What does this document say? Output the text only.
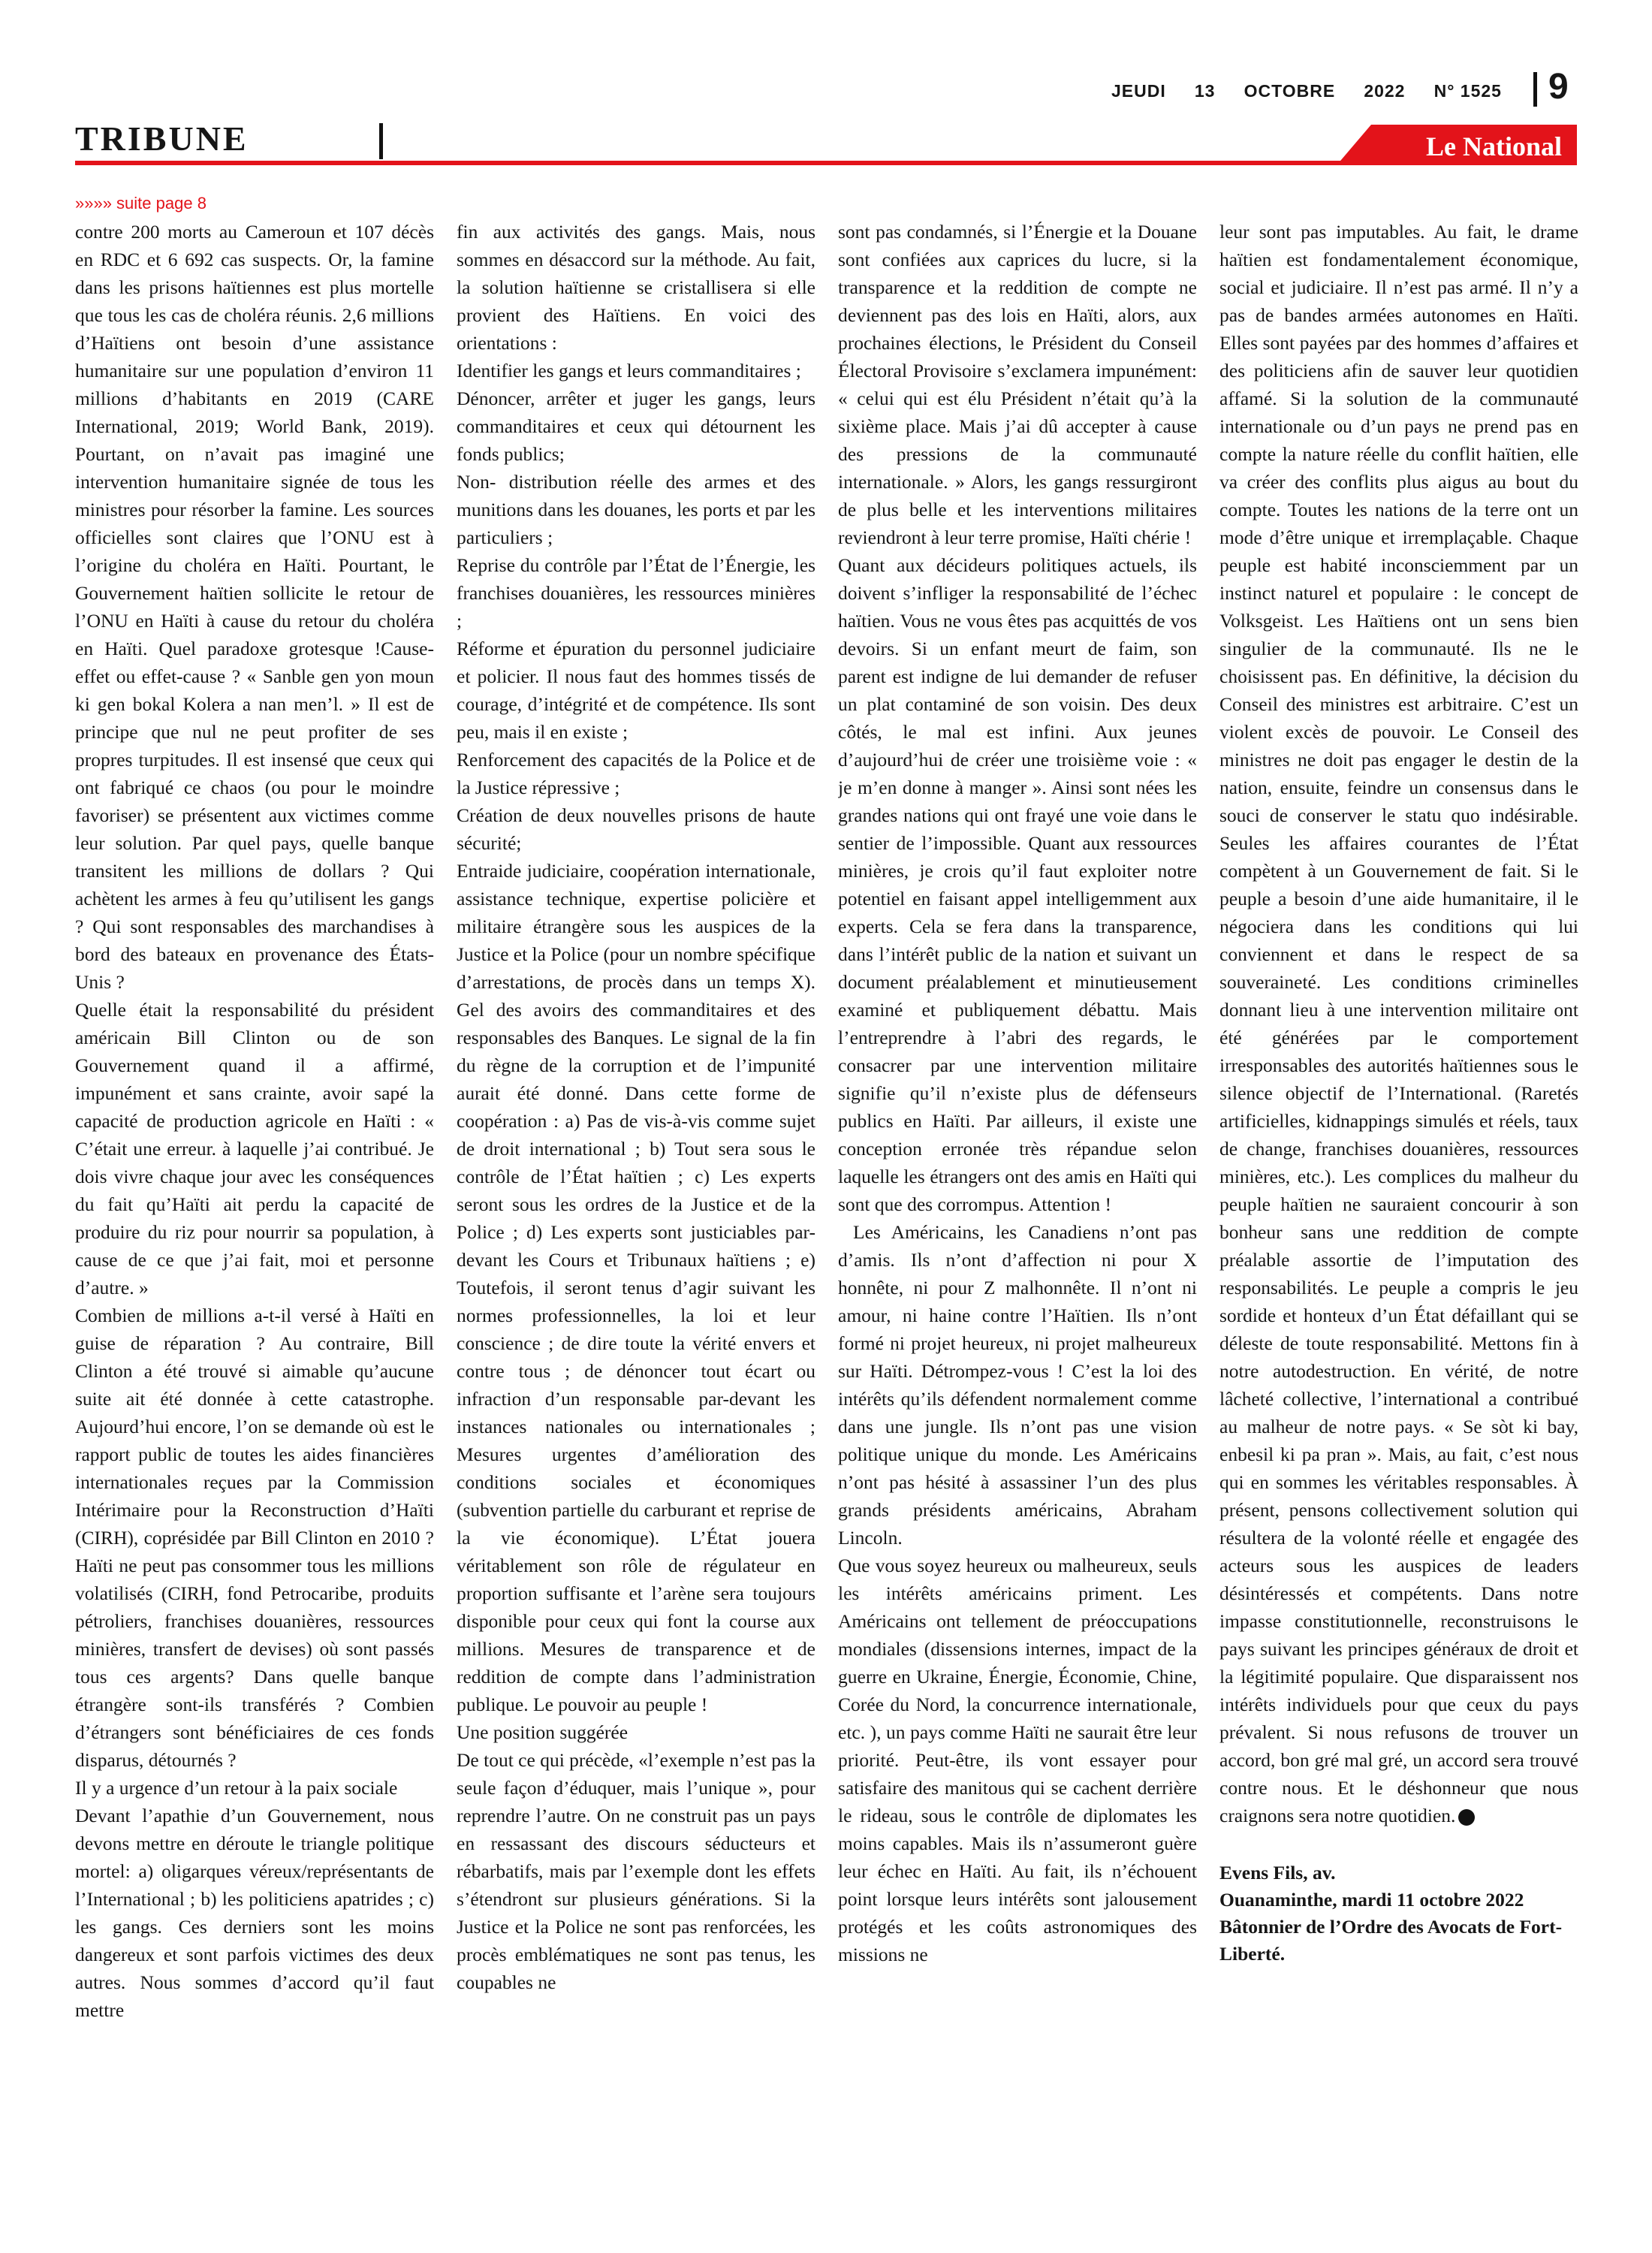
JEUDI 13 OCTOBRE 2022 N° 1525 9
TRIBUNE	Le National
»»»» suite page 8

contre 200 morts au Cameroun et 107 décès en RDC et 6 692 cas suspects. Or, la famine dans les prisons haïtiennes est plus mortelle que tous les cas de choléra réunis. 2,6 millions d’Haïtiens ont besoin d’une assistance humanitaire sur une population d’environ 11 millions d’habitants en 2019 (CARE International, 2019; World Bank, 2019). Pourtant, on n’avait pas imaginé une intervention humanitaire signée de tous les ministres pour résorber la famine. Les sources officielles sont claires que l’ONU est à l’origine du choléra en Haïti. Pourtant, le Gouvernement haïtien sollicite le retour de l’ONU en Haïti à cause du retour du choléra en Haïti. Quel paradoxe grotesque !Cause-effet ou effet-cause ? « Sanble gen yon moun ki gen bokal Kolera a nan men’l. » Il est de principe que nul ne peut profiter de ses propres turpitudes. Il est insensé que ceux qui ont fabriqué ce chaos (ou pour le moindre favoriser) se présentent aux victimes comme leur solution. Par quel pays, quelle banque transitent les millions de dollars ? Qui achètent les armes à feu qu’utilisent les gangs ? Qui sont responsables des marchandises à bord des bateaux en provenance des États-Unis ?

Quelle était la responsabilité du président américain Bill Clinton ou de son Gouvernement quand il a affirmé, impunément et sans crainte, avoir sapé la capacité de production agricole en Haïti : « C’était une erreur. à laquelle j’ai contribué. Je dois vivre chaque jour avec les conséquences du fait qu’Haïti ait perdu la capacité de produire du riz pour nourrir sa population, à cause de ce que j’ai fait, moi et personne d’autre. »

Combien de millions a-t-il versé à Haïti en guise de réparation ? Au contraire, Bill Clinton a été trouvé si aimable qu’aucune suite ait été donnée à cette catastrophe. Aujourd’hui encore, l’on se demande où est le rapport public de toutes les aides financières internationales reçues par la Commission Intérimaire pour la Reconstruction d’Haïti (CIRH), coprésidée par Bill Clinton en 2010 ? Haïti ne peut pas consommer tous les millions volatilisés (CIRH, fond Petrocaribe, produits pétroliers, franchises douanières, ressources minières, transfert de devises) où sont passés tous ces argents? Dans quelle banque étrangère sont-ils transférés ? Combien d’étrangers sont bénéficiaires de ces fonds disparus, détournés ?

Il y a urgence d’un retour à la paix sociale

Devant l’apathie d’un Gouvernement, nous devons mettre en déroute le triangle politique mortel: a) oligarques véreux/représentants de l’International ; b) les politiciens apatrides ; c) les gangs. Ces derniers sont les moins dangereux et sont parfois victimes des deux autres. Nous sommes d’accord qu’il faut mettre

fin aux activités des gangs. Mais, nous sommes en désaccord sur la méthode. Au fait, la solution haïtienne se cristallisera si elle provient des Haïtiens. En voici des orientations :

Identifier les gangs et leurs commanditaires ;

Dénoncer, arrêter et juger les gangs, leurs commanditaires et ceux qui détournent les fonds publics;

Non- distribution réelle des armes et des munitions dans les douanes, les ports et par les particuliers ;

Reprise du contrôle par l’État de l’Énergie, les franchises douanières, les ressources minières ;

Réforme et épuration du personnel judiciaire et policier. Il nous faut des hommes tissés de courage, d’intégrité et de compétence. Ils sont peu, mais il en existe ;

Renforcement des capacités de la Police et de la Justice répressive ;

Création de deux nouvelles prisons de haute sécurité;

Entraide judiciaire, coopération internationale, assistance technique, expertise policière et militaire étrangère sous les auspices de la Justice et la Police (pour un nombre spécifique d’arrestations, de procès dans un temps X). Gel des avoirs des commanditaires et des responsables des Banques. Le signal de la fin du règne de la corruption et de l’impunité aurait été donné. Dans cette forme de coopération : a) Pas de vis-à-vis comme sujet de droit international ; b) Tout sera sous le contrôle de l’État haïtien ; c) Les experts seront sous les ordres de la Justice et de la Police ; d) Les experts sont justiciables par-devant les Cours et Tribunaux haïtiens ; e) Toutefois, il seront tenus d’agir suivant les normes professionnelles, la loi et leur conscience ; de dire toute la vérité envers et contre tous ; de dénoncer tout écart ou infraction d’un responsable par-devant les instances nationales ou internationales ; Mesures urgentes d’amélioration des conditions sociales et économiques (subvention partielle du carburant et reprise de la vie économique). L’État jouera véritablement son rôle de régulateur en proportion suffisante et l’arène sera toujours disponible pour ceux qui font la course aux millions. Mesures de transparence et de reddition de compte dans l’administration publique. Le pouvoir au peuple !

Une position suggérée

De tout ce qui précède, «l’exemple n’est pas la seule façon d’éduquer, mais l’unique », pour reprendre l’autre. On ne construit pas un pays en ressassant des discours séducteurs et rébarbatifs, mais par l’exemple dont les effets s’étendront sur plusieurs générations. Si la Justice et la Police ne sont pas renforcées, les procès emblématiques ne sont pas tenus, les coupables ne

sont pas condamnés, si l’Énergie et la Douane sont confiées aux caprices du lucre, si la transparence et la reddition de compte ne deviennent pas des lois en Haïti, alors, aux prochaines élections, le Président du Conseil Électoral Provisoire s’exclamera impunément: « celui qui est élu Président n’était qu’à la sixième place. Mais j’ai dû accepter à cause des pressions de la communauté internationale. » Alors, les gangs ressurgiront de plus belle et les interventions militaires reviendront à leur terre promise, Haïti chérie !

Quant aux décideurs politiques actuels, ils doivent s’infliger la responsabilité de l’échec haïtien. Vous ne vous êtes pas acquittés de vos devoirs. Si un enfant meurt de faim, son parent est indigne de lui demander de refuser un plat contaminé de son voisin. Des deux côtés, le mal est infini. Aux jeunes d’aujourd’hui de créer une troisième voie : « je m’en donne à manger ». Ainsi sont nées les grandes nations qui ont frayé une voie dans le sentier de l’impossible. Quant aux ressources minières, je crois qu’il faut exploiter notre potentiel en faisant appel intelligemment aux experts. Cela se fera dans la transparence, dans l’intérêt public de la nation et suivant un document préalablement et minutieusement examiné et publiquement débattu. Mais l’entreprendre à l’abri des regards, le consacrer par une intervention militaire signifie qu’il n’existe plus de défenseurs publics en Haïti. Par ailleurs, il existe une conception erronée très répandue selon laquelle les étrangers ont des amis en Haïti qui sont que des corrompus. Attention !

Les Américains, les Canadiens n’ont pas d’amis. Ils n’ont d’affection ni pour X honnête, ni pour Z malhonnête. Il n’ont ni amour, ni haine contre l’Haïtien. Ils n’ont formé ni projet heureux, ni projet malheureux sur Haïti. Détrompez-vous ! C’est la loi des intérêts qu’ils défendent normalement comme dans une jungle. Ils n’ont pas une vision politique unique du monde. Les Américains n’ont pas hésité à assassiner l’un des plus grands présidents américains, Abraham Lincoln.

Que vous soyez heureux ou malheureux, seuls les intérêts américains priment. Les Américains ont tellement de préoccupations mondiales (dissensions internes, impact de la guerre en Ukraine, Énergie, Économie, Chine, Corée du Nord, la concurrence internationale, etc. ), un pays comme Haïti ne saurait être leur priorité. Peut-être, ils vont essayer pour satisfaire des manitous qui se cachent derrière le rideau, sous le contrôle de diplomates les moins capables. Mais ils n’assumeront guère leur échec en Haïti. Au fait, ils n’échouent point lorsque leurs intérêts sont jalousement protégés et les coûts astronomiques des missions ne

leur sont pas imputables. Au fait, le drame haïtien est fondamentalement économique, social et judiciaire. Il n’est pas armé. Il n’y a pas de bandes armées autonomes en Haïti. Elles sont payées par des hommes d’affaires et des politiciens afin de sauver leur quotidien affamé. Si la solution de la communauté internationale ou d’un pays ne prend pas en compte la nature réelle du conflit haïtien, elle va créer des conflits plus aigus au bout du compte. Toutes les nations de la terre ont un mode d’être unique et irremplaçable. Chaque peuple est habité inconsciemment par un instinct naturel et populaire : le concept de Volksgeist. Les Haïtiens ont un sens bien singulier de la communauté. Ils ne le choisissent pas. En définitive, la décision du Conseil des ministres est arbitraire. C’est un violent excès de pouvoir. Le Conseil des ministres ne doit pas engager le destin de la nation, ensuite, feindre un consensus dans le souci de conserver le statu quo indésirable. Seules les affaires courantes de l’État compètent à un Gouvernement de fait. Si le peuple a besoin d’une aide humanitaire, il le négociera dans les conditions qui lui conviennent et dans le respect de sa souveraineté. Les conditions criminelles donnant lieu à une intervention militaire ont été générées par le comportement irresponsables des autorités haïtiennes sous le silence objectif de l’International. (Raretés artificielles, kidnappings simulés et réels, taux de change, franchises douanières, ressources minières, etc.). Les complices du malheur du peuple haïtien ne sauraient concourir à son bonheur sans une reddition de compte préalable assortie de l’imputation des responsabilités. Le peuple a compris le jeu sordide et honteux d’un État défaillant qui se déleste de toute responsabilité. Mettons fin à notre autodestruction. En vérité, de notre lâcheté collective, l’international a contribué au malheur de notre pays. « Se sòt ki bay, enbesil ki pa pran ». Mais, au fait, c’est nous qui en sommes les véritables responsables. À présent, pensons collectivement solution qui résultera de la volonté réelle et engagée des acteurs sous les auspices de leaders désintéressés et compétents. Dans notre impasse constitutionnelle, reconstruisons le pays suivant les principes généraux de droit et la légitimité populaire. Que disparaissent nos intérêts individuels pour que ceux du pays prévalent. Si nous refusons de trouver un accord, bon gré mal gré, un accord sera trouvé contre nous. Et le déshonneur que nous craignons sera notre quotidien.

Evens Fils, av.
Ouanaminthe, mardi 11 octobre 2022
Bâtonnier de l’Ordre des Avocats de Fort-Liberté.
